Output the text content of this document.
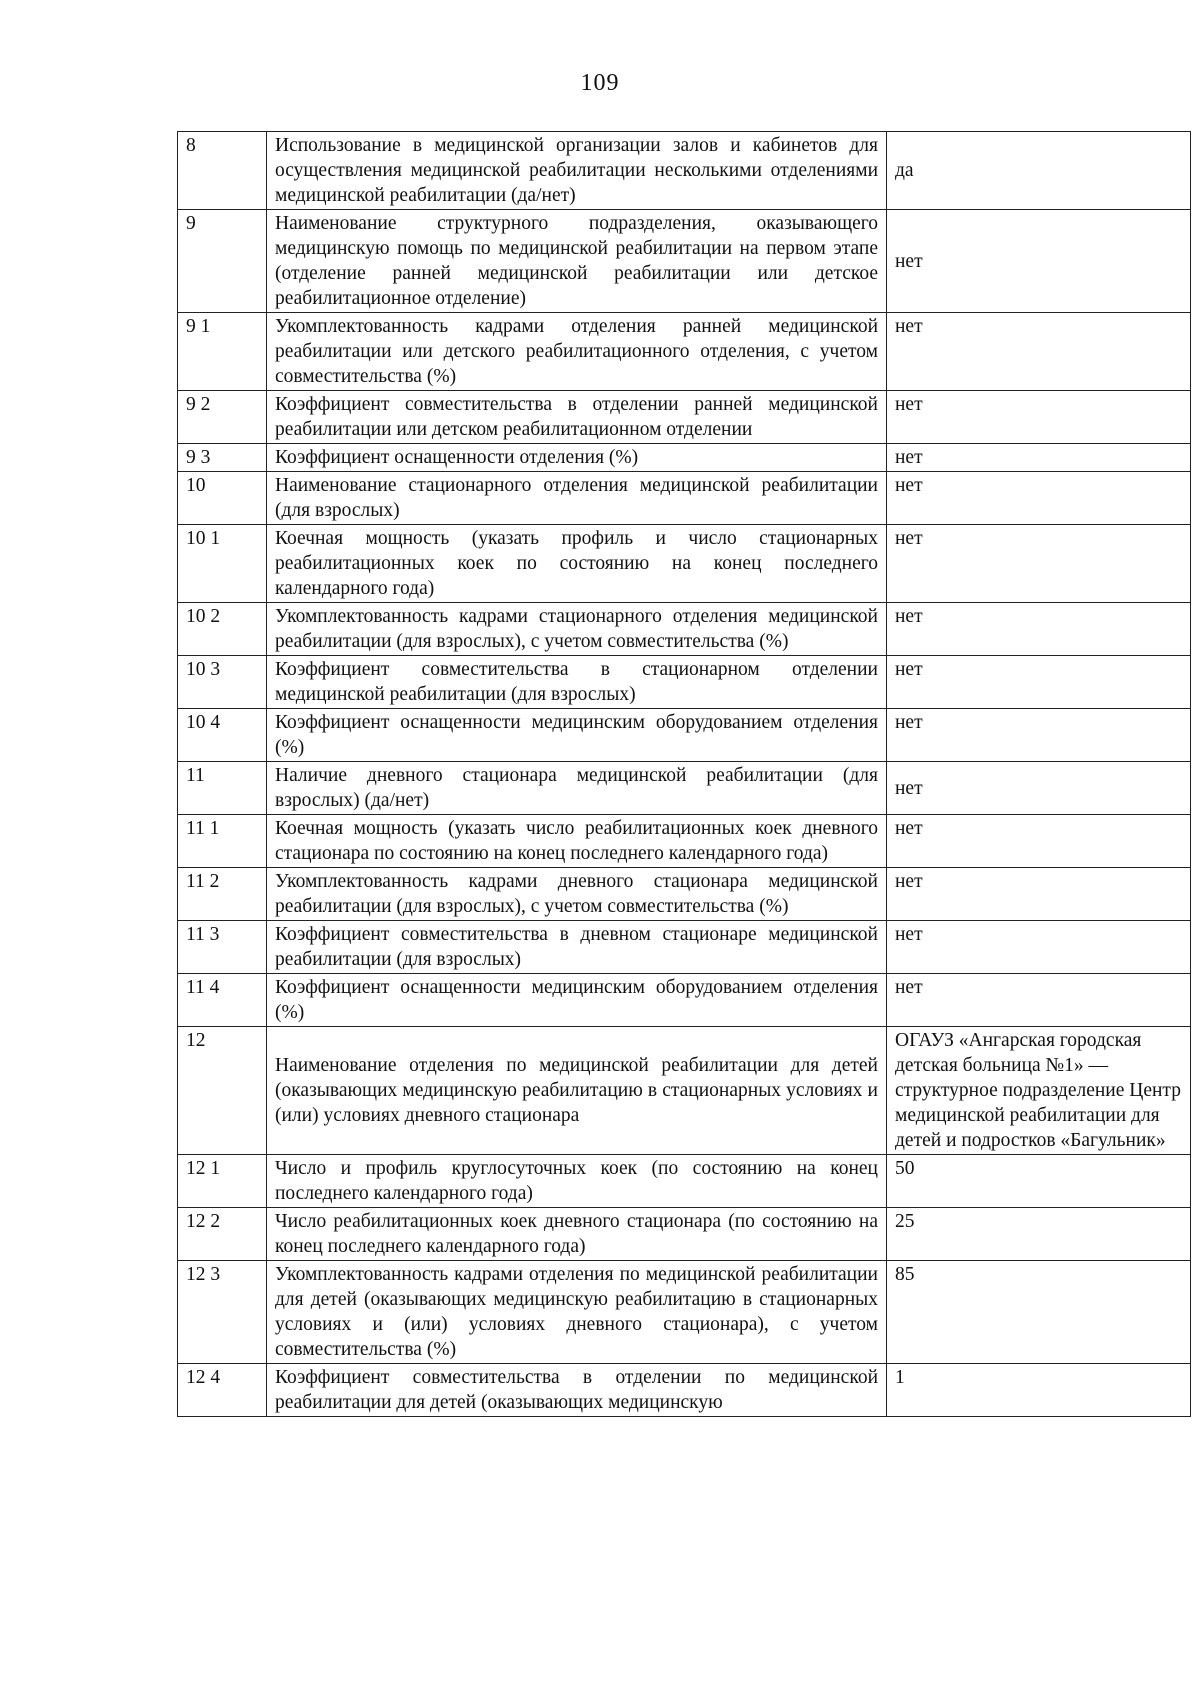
109
8	Использование в медицинской организации залов и кабинетов для осуществления медицинской реабилитации несколькими отделениями медицинской реабилитации (да/нет)	да
9	Наименование структурного подразделения, оказывающего медицинскую помощь по медицинской реабилитации на первом этапе (отделение ранней медицинской реабилитации или детское реабилитационное отделение)	нет
9 1	Укомплектованность кадрами отделения ранней медицинской реабилитации или детского реабилитационного отделения, с учетом совместительства (%)	нет
9 2	Коэффициент совместительства в отделении ранней медицинской реабилитации или детском реабилитационном отделении	нет
9 3	Коэффициент оснащенности отделения (%)	нет
10	Наименование стационарного отделения медицинской реабилитации (для взрослых)	нет
10 1	Коечная мощность (указать профиль и число стационарных реабилитационных коек по состоянию на конец последнего календарного года)	нет
10 2	Укомплектованность кадрами стационарного отделения медицинской реабилитации (для взрослых), с учетом совместительства (%)	нет
10 3	Коэффициент совместительства в стационарном отделении медицинской реабилитации (для взрослых)	нет
10 4	Коэффициент оснащенности медицинским оборудованием отделения (%)	нет
11	Наличие дневного стационара медицинской реабилитации (для взрослых) (да/нет)	нет
11 1	Коечная мощность (указать число реабилитационных коек дневного стационара по состоянию на конец последнего календарного года)	нет
11 2	Укомплектованность кадрами дневного стационара медицинской реабилитации (для взрослых), с учетом совместительства (%)	нет
11 3	Коэффициент совместительства в дневном стационаре медицинской реабилитации (для взрослых)	нет
11 4	Коэффициент оснащенности медицинским оборудованием отделения (%)	нет
12	Наименование отделения по медицинской реабилитации для детей (оказывающих медицинскую реабилитацию в стационарных условиях и (или) условиях дневного стационара	ОГАУЗ «Ангарская городская детская больница №1» — структурное подразделение Центр медицинской реабилитации для детей и подростков «Багульник»
12 1	Число и профиль круглосуточных коек (по состоянию на конец последнего календарного года)	50
12 2	Число реабилитационных коек дневного стационара (по состоянию на конец последнего календарного года)	25
12 3	Укомплектованность кадрами отделения по медицинской реабилитации для детей (оказывающих медицинскую реабилитацию в стационарных условиях и (или) условиях дневного стационара), с учетом совместительства (%)	85
12 4	Коэффициент совместительства в отделении по медицинской реабилитации для детей (оказывающих медицинскую	1
